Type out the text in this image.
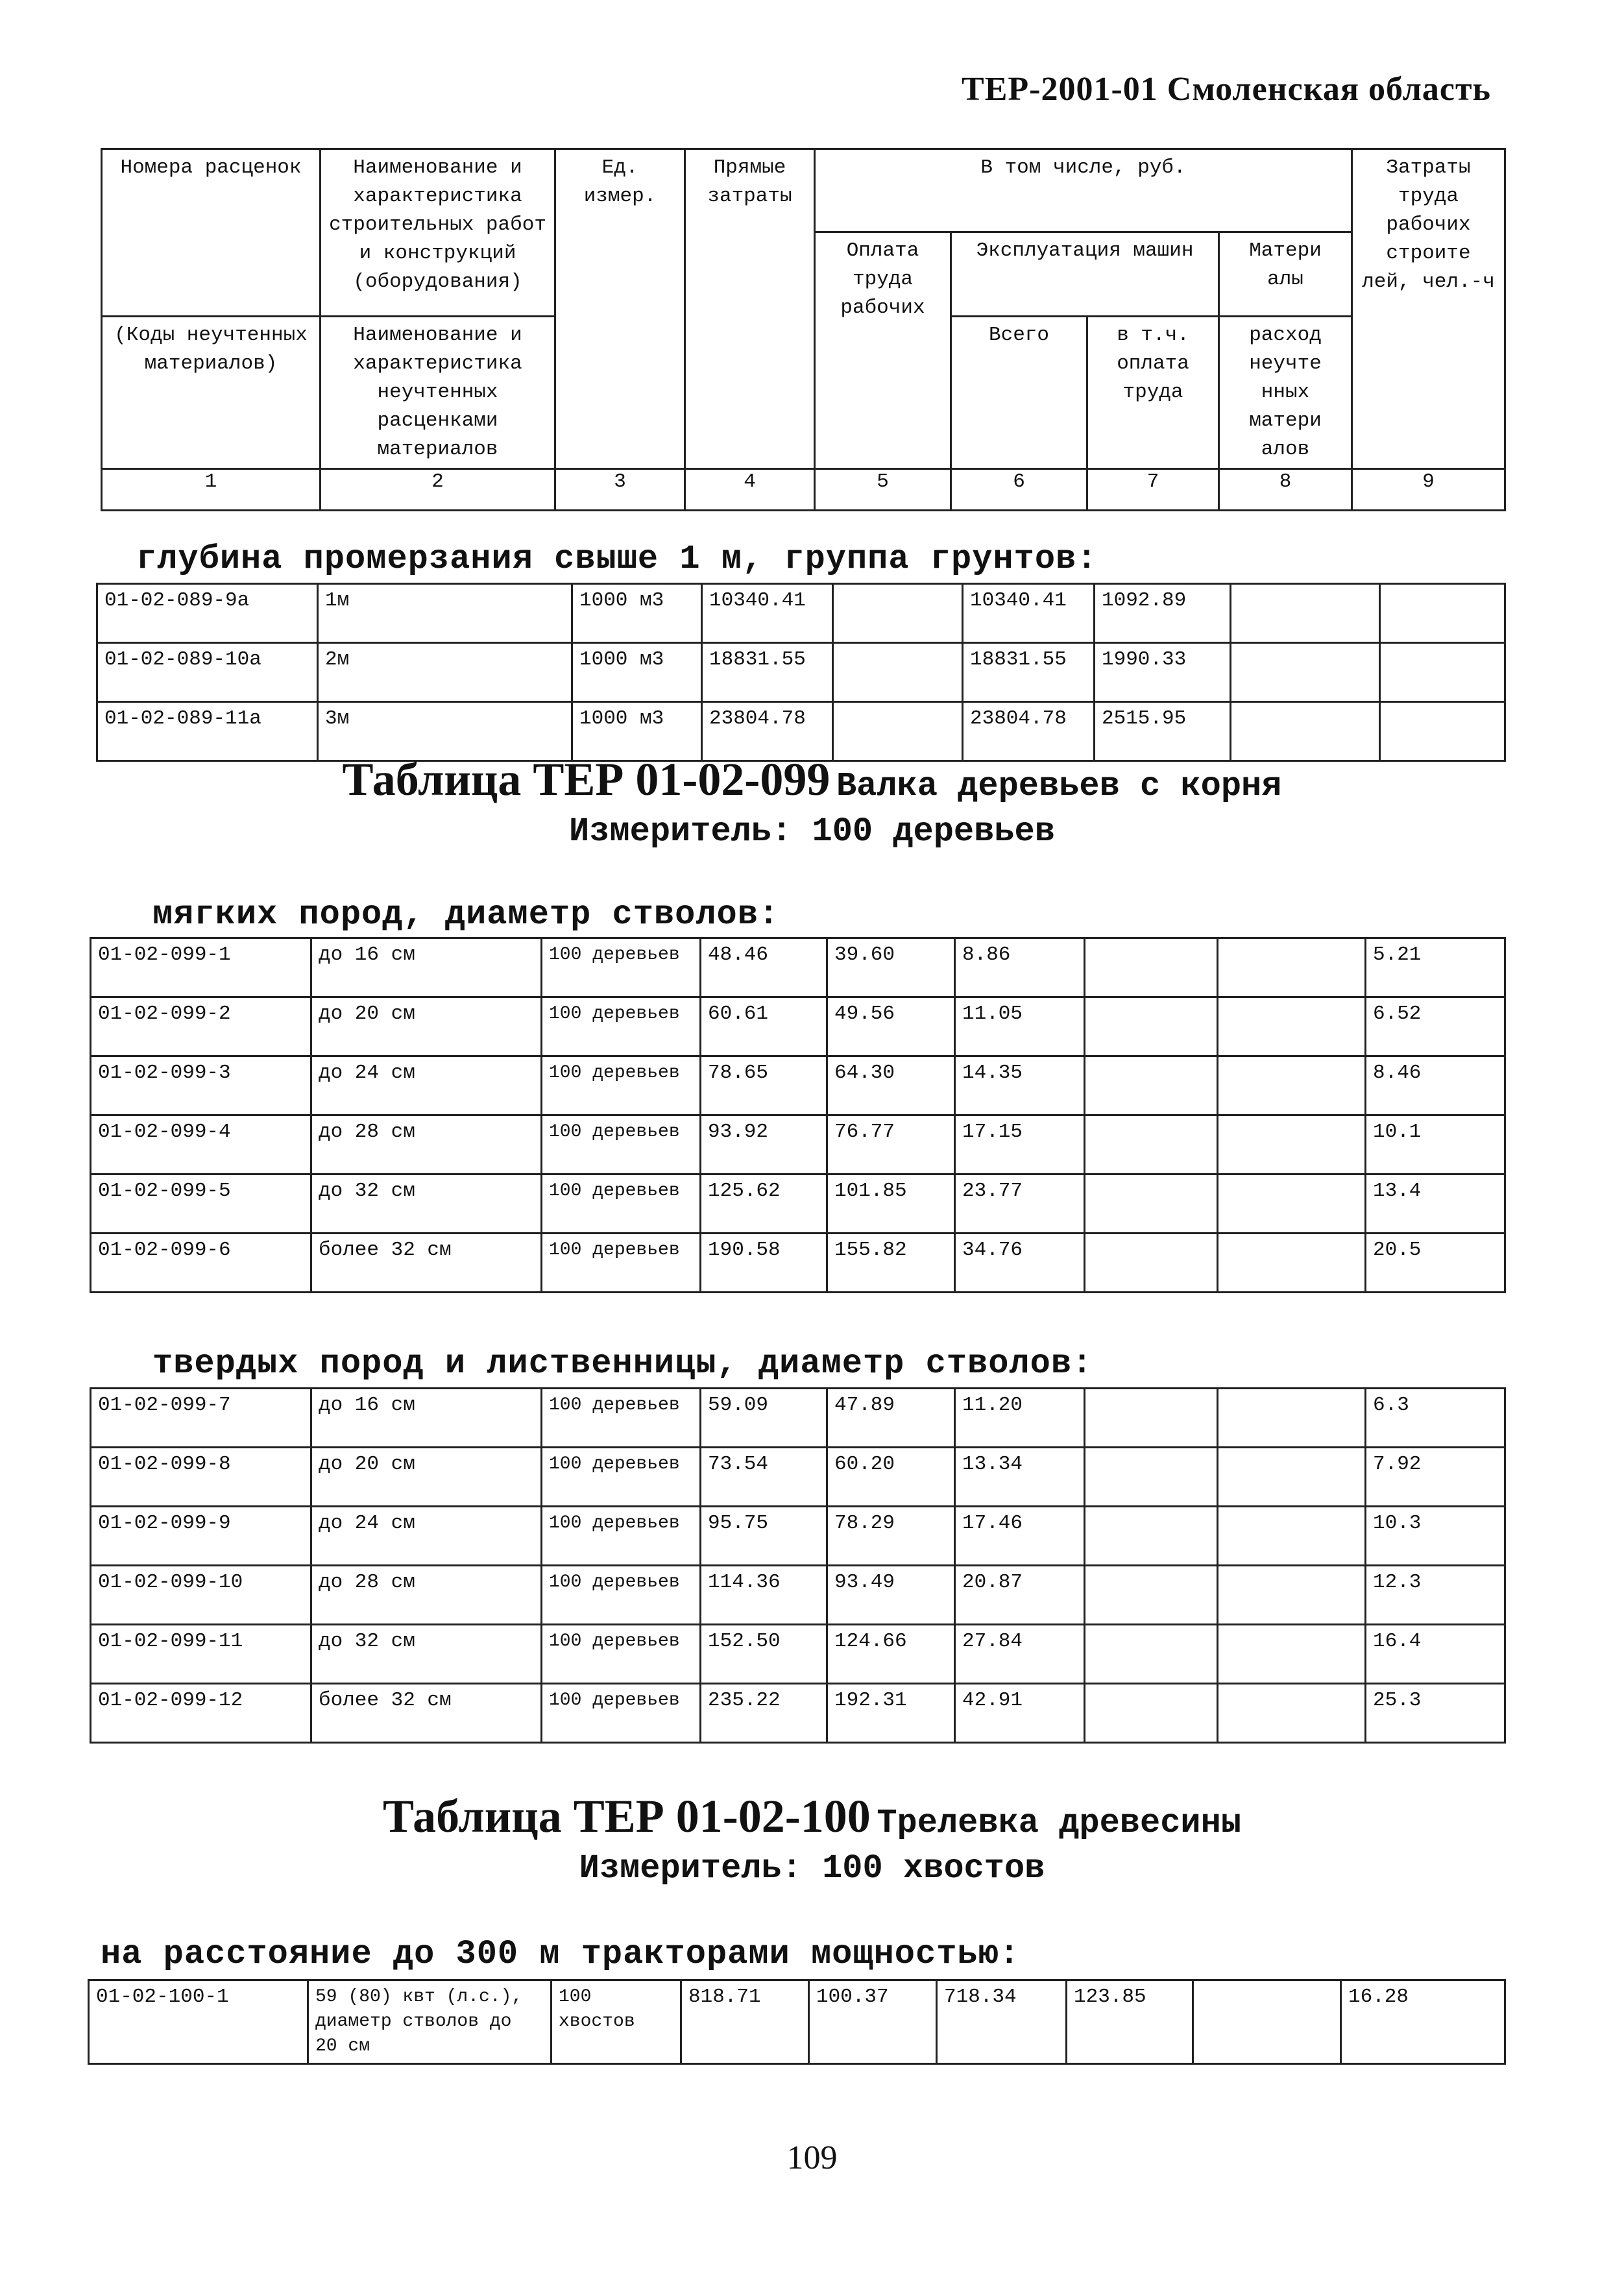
ТЕР-2001-01 Смоленская область
Номера расценок	Наименование и характеристика строительных работ и конструкций (оборудования)	Ед. измер.	Прямые затраты	В том числе, руб.				Затраты труда рабочих строите лей, чел.-ч
				Оплата труда рабочих	Эксплуатация машин		Матери алы	
(Коды неучтенных материалов)	Наименование и характеристика неучтенных расценками материалов				Всего	в т.ч. оплата труда	расход неучте нных матери алов	
1	2	3	4	5	6	7	8	9
глубина промерзания свыше 1 м, группа грунтов:
01-02-089-9а	1м	1000 м3	10340.41		10340.41	1092.89		
01-02-089-10а	2м	1000 м3	18831.55		18831.55	1990.33		
01-02-089-11а	3м	1000 м3	23804.78		23804.78	2515.95		
Таблица ТЕР 01-02-099 Валка деревьев с корня
Измеритель: 100 деревьев
мягких пород, диаметр стволов:
01-02-099-1	до 16 см	100 деревьев	48.46	39.60	8.86			5.21
01-02-099-2	до 20 см	100 деревьев	60.61	49.56	11.05			6.52
01-02-099-3	до 24 см	100 деревьев	78.65	64.30	14.35			8.46
01-02-099-4	до 28 см	100 деревьев	93.92	76.77	17.15			10.1
01-02-099-5	до 32 см	100 деревьев	125.62	101.85	23.77			13.4
01-02-099-6	более 32 см	100 деревьев	190.58	155.82	34.76			20.5
твердых пород и лиственницы, диаметр стволов:
01-02-099-7	до 16 см	100 деревьев	59.09	47.89	11.20			6.3
01-02-099-8	до 20 см	100 деревьев	73.54	60.20	13.34			7.92
01-02-099-9	до 24 см	100 деревьев	95.75	78.29	17.46			10.3
01-02-099-10	до 28 см	100 деревьев	114.36	93.49	20.87			12.3
01-02-099-11	до 32 см	100 деревьев	152.50	124.66	27.84			16.4
01-02-099-12	более 32 см	100 деревьев	235.22	192.31	42.91			25.3
Таблица ТЕР 01-02-100 Трелевка древесины
Измеритель: 100 хвостов
на расстояние до 300 м тракторами мощностью:
01-02-100-1	59 (80) квт (л.с.), диаметр стволов до 20 см	100 хвостов	818.71	100.37	718.34	123.85		16.28
109
